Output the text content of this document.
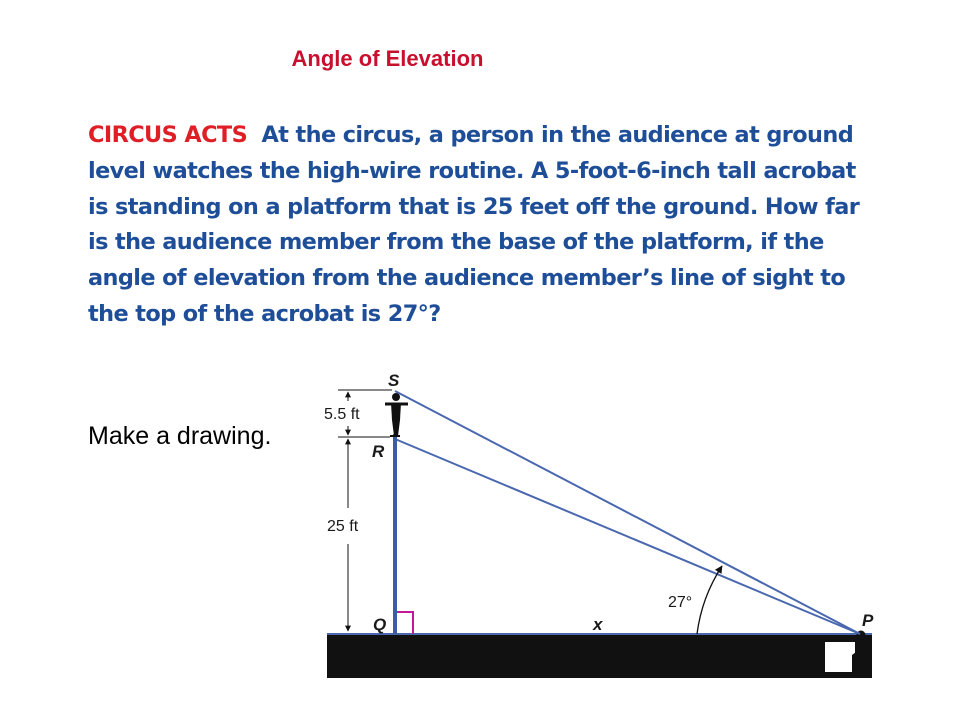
Angle of Elevation
CIRCUS ACTS At the circus, a person in the audience at ground level watches the high-wire routine. A 5-foot-6-inch tall acrobat is standing on a platform that is 25 feet off the ground. How far is the audience member from the base of the platform, if the angle of elevation from the audience member’s line of sight to the top of the acrobat is 27°?
Make a drawing.
S
R
Q	P
x
5.5 ft
25 ft
27°
